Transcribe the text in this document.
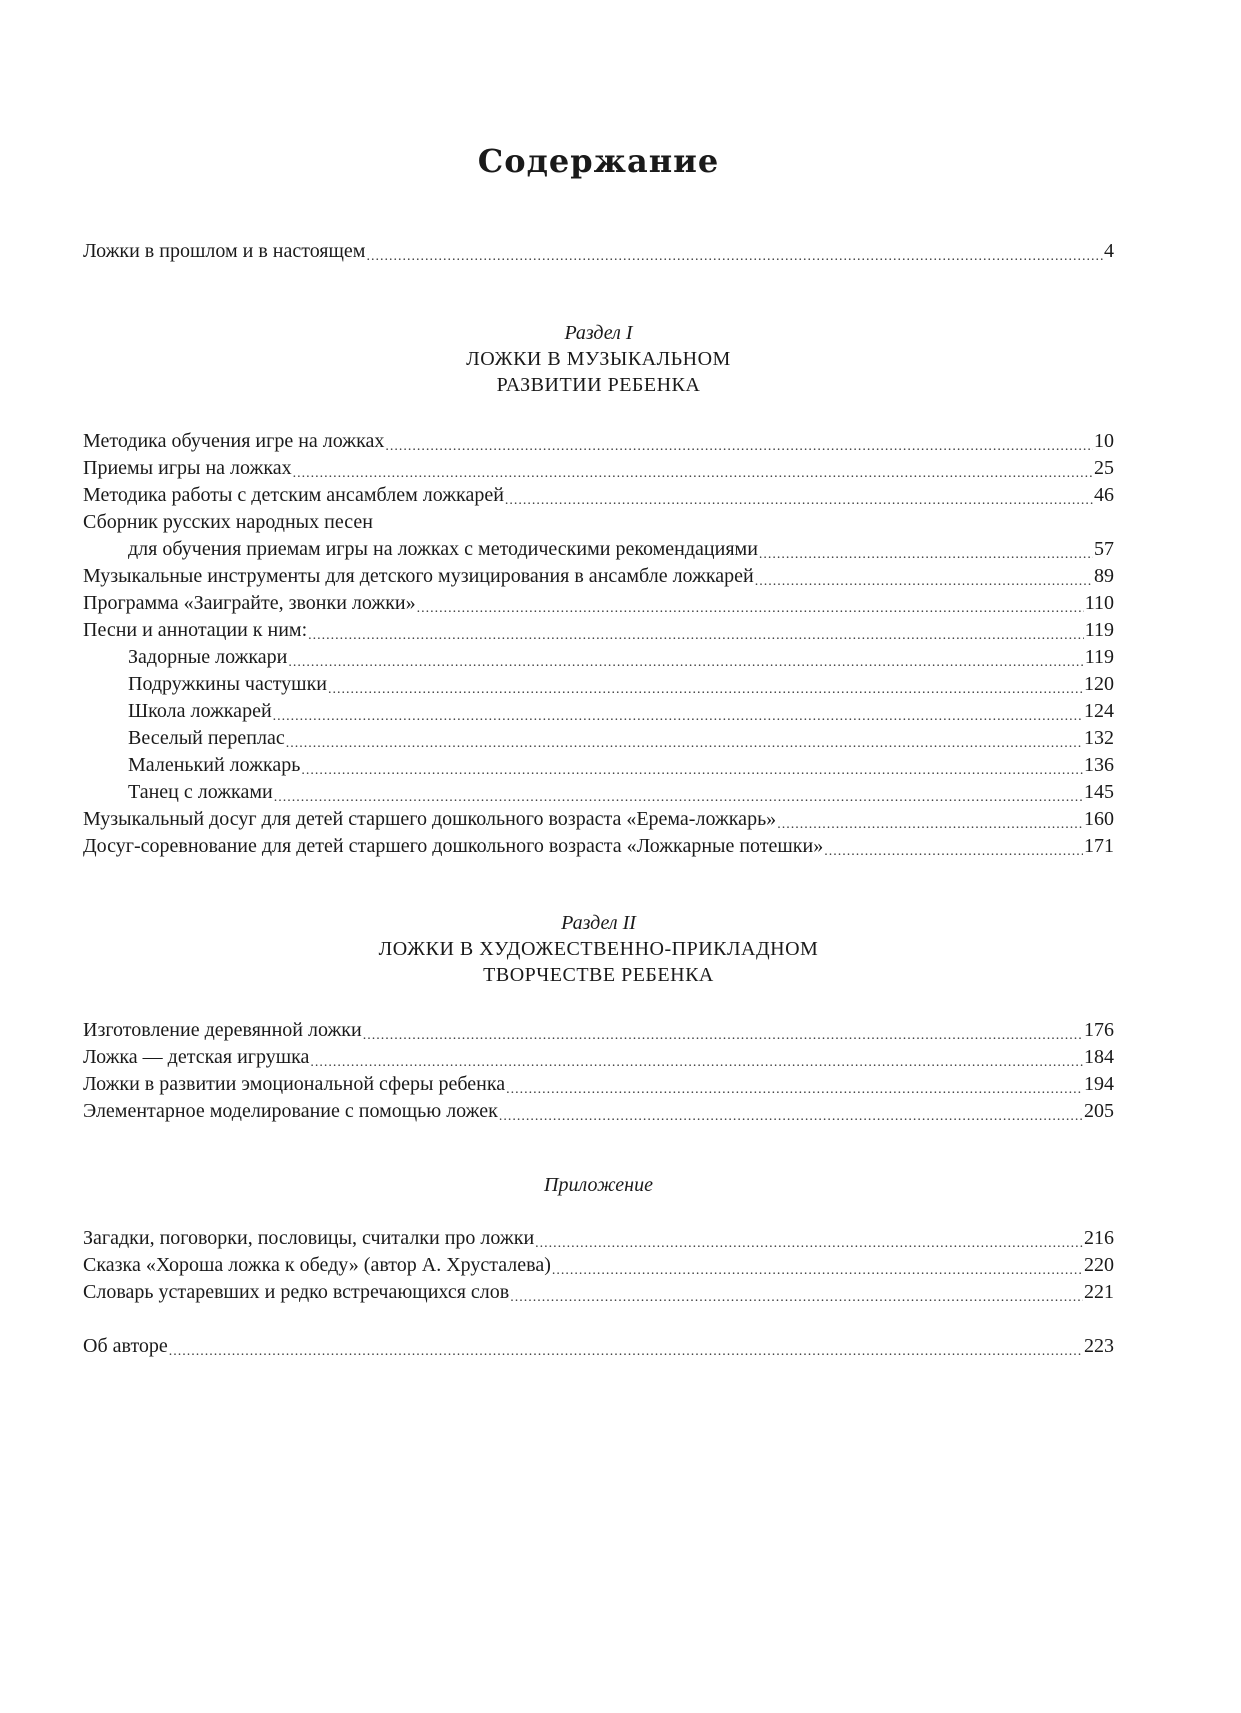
Содержание
Ложки в прошлом и в настоящем .....	4
Раздел I
ЛОЖКИ В МУЗЫКАЛЬНОМ
РАЗВИТИИ РЕБЕНКА
Методика обучения игре на ложках .....	10
Приемы игры на ложках .....	25
Методика работы с детским ансамблем ложкарей .....	46
Сборник русских народных песен
для обучения приемам игры на ложках с методическими рекомендациями .....	57
Музыкальные инструменты для детского музицирования в ансамбле ложкарей .....	89
Программа «Заиграйте, звонки ложки» .....	110
Песни и аннотации к ним: .....	119
Задорные ложкари .....	119
Подружкины частушки .....	120
Школа ложкарей .....	124
Веселый переплас .....	132
Маленький ложкарь .....	136
Танец с ложками .....	145
Музыкальный досуг для детей старшего дошкольного возраста «Ерема-ложкарь» .....	160
Досуг-соревнование для детей старшего дошкольного возраста «Ложкарные потешки» .....	171
Раздел II
ЛОЖКИ В ХУДОЖЕСТВЕННО-ПРИКЛАДНОМ
ТВОРЧЕСТВЕ РЕБЕНКА
Изготовление деревянной ложки .....	176
Ложка — детская игрушка .....	184
Ложки в развитии эмоциональной сферы ребенка .....	194
Элементарное моделирование с помощью ложек .....	205
Приложение
Загадки, поговорки, пословицы, считалки про ложки .....	216
Сказка «Хороша ложка к обеду» (автор А. Хрусталева) .....	220
Словарь устаревших и редко встречающихся слов .....	221
Об авторе .....	223
